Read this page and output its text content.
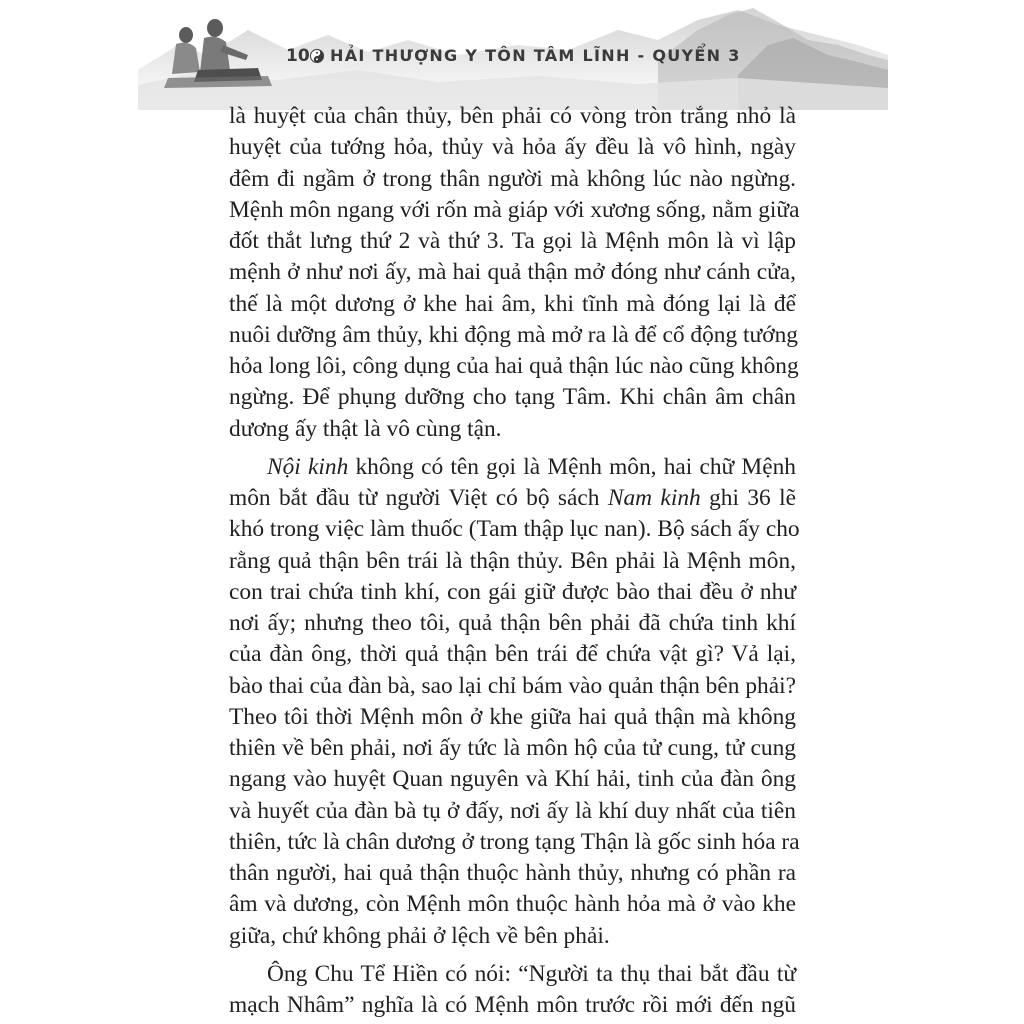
10 HẢI THƯỢNG Y TÔN TÂM LĨNH - QUYỂN 3
là huyệt của chân thủy, bên phải có vòng tròn trắng nhỏ là
huyệt của tướng hỏa, thủy và hỏa ấy đều là vô hình, ngày
đêm đi ngầm ở trong thân người mà không lúc nào ngừng.
Mệnh môn ngang với rốn mà giáp với xương sống, nằm giữa
đốt thắt lưng thứ 2 và thứ 3. Ta gọi là Mệnh môn là vì lập
mệnh ở như nơi ấy, mà hai quả thận mở đóng như cánh cửa,
thế là một dương ở khe hai âm, khi tĩnh mà đóng lại là để
nuôi dưỡng âm thủy, khi động mà mở ra là để cổ động tướng
hỏa long lôi, công dụng của hai quả thận lúc nào cũng không
ngừng. Để phụng dưỡng cho tạng Tâm. Khi chân âm chân
dương ấy thật là vô cùng tận.
Nội kinh không có tên gọi là Mệnh môn, hai chữ Mệnh
môn bắt đầu từ người Việt có bộ sách Nam kinh ghi 36 lẽ
khó trong việc làm thuốc (Tam thập lục nan). Bộ sách ấy cho
rằng quả thận bên trái là thận thủy. Bên phải là Mệnh môn,
con trai chứa tinh khí, con gái giữ được bào thai đều ở như
nơi ấy; nhưng theo tôi, quả thận bên phải đã chứa tinh khí
của đàn ông, thời quả thận bên trái để chứa vật gì? Vả lại,
bào thai của đàn bà, sao lại chỉ bám vào quản thận bên phải?
Theo tôi thời Mệnh môn ở khe giữa hai quả thận mà không
thiên về bên phải, nơi ấy tức là môn hộ của tử cung, tử cung
ngang vào huyệt Quan nguyên và Khí hải, tinh của đàn ông
và huyết của đàn bà tụ ở đấy, nơi ấy là khí duy nhất của tiên
thiên, tức là chân dương ở trong tạng Thận là gốc sinh hóa ra
thân người, hai quả thận thuộc hành thủy, nhưng có phần ra
âm và dương, còn Mệnh môn thuộc hành hỏa mà ở vào khe
giữa, chứ không phải ở lệch về bên phải.
Ông Chu Tể Hiền có nói: “Người ta thụ thai bắt đầu từ
mạch Nhâm” nghĩa là có Mệnh môn trước rồi mới đến ngũ
